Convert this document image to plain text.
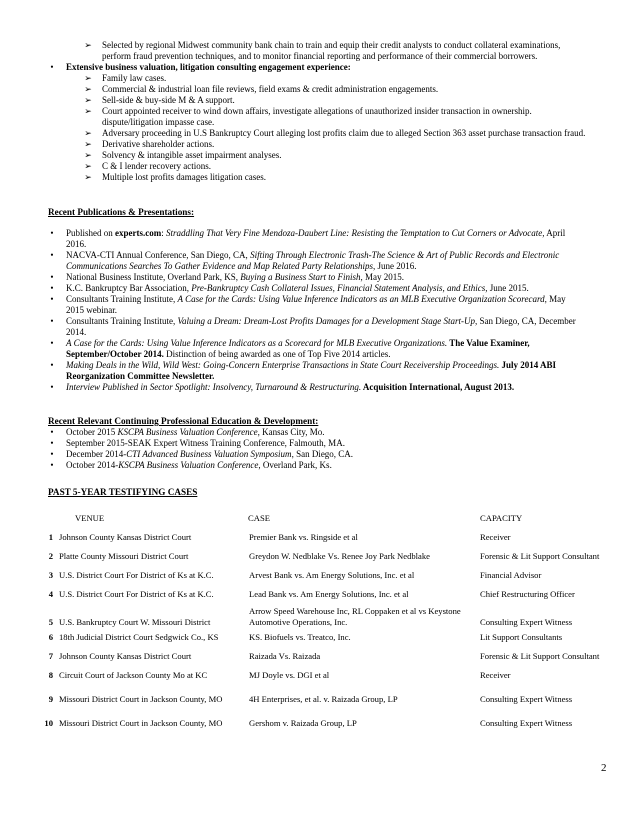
➢ Selected by regional Midwest community bank chain to train and equip their credit analysts to conduct collateral examinations,
perform fraud prevention techniques, and to monitor financial reporting and performance of their commercial borrowers.
• Extensive business valuation, litigation consulting engagement experience:
➢ Family law cases.
➢ Commercial & industrial loan file reviews, field exams & credit administration engagements.
➢ Sell-side & buy-side M & A support.
➢ Court appointed receiver to wind down affairs, investigate allegations of unauthorized insider transaction in ownership.
dispute/litigation impasse case.
➢ Adversary proceeding in U.S Bankruptcy Court alleging lost profits claim due to alleged Section 363 asset purchase transaction fraud.
➢ Derivative shareholder actions.
➢ Solvency & intangible asset impairment analyses.
➢ C & I lender recovery actions.
➢ Multiple lost profits damages litigation cases.
Recent Publications & Presentations:
• Published on experts.com: Straddling That Very Fine Mendoza-Daubert Line: Resisting the Temptation to Cut Corners or Advocate, April
2016.
• NACVA-CTI Annual Conference, San Diego, CA, Sifting Through Electronic Trash-The Science & Art of Public Records and Electronic
Communications Searches To Gather Evidence and Map Related Party Relationships, June 2016.
• National Business Institute, Overland Park, KS, Buying a Business Start to Finish, May 2015.
• K.C. Bankruptcy Bar Association, Pre-Bankruptcy Cash Collateral Issues, Financial Statement Analysis, and Ethics, June 2015.
• Consultants Training Institute, A Case for the Cards: Using Value Inference Indicators as an MLB Executive Organization Scorecard, May
2015 webinar.
• Consultants Training Institute, Valuing a Dream: Dream-Lost Profits Damages for a Development Stage Start-Up, San Diego, CA, December
2014.
• A Case for the Cards: Using Value Inference Indicators as a Scorecard for MLB Executive Organizations. The Value Examiner,
September/October 2014. Distinction of being awarded as one of Top Five 2014 articles.
• Making Deals in the Wild, Wild West: Going-Concern Enterprise Transactions in State Court Receivership Proceedings. July 2014 ABI
Reorganization Committee Newsletter.
• Interview Published in Sector Spotlight: Insolvency, Turnaround & Restructuring. Acquisition International, August 2013.
Recent Relevant Continuing Professional Education & Development:
• October 2015 KSCPA Business Valuation Conference, Kansas City, Mo.
• September 2015-SEAK Expert Witness Training Conference, Falmouth, MA.
• December 2014-CTI Advanced Business Valuation Symposium, San Diego, CA.
• October 2014-KSCPA Business Valuation Conference, Overland Park, Ks.
PAST 5-YEAR TESTIFYING CASES
	VENUE	CASE	CAPACITY
1	Johnson County Kansas District Court	Premier Bank vs. Ringside et al	Receiver
2	Platte County Missouri District Court	Greydon W. Nedblake Vs. Renee Joy Park Nedblake	Forensic & Lit Support Consultant
3	U.S. District Court For District of Ks at K.C.	Arvest Bank vs. Am Energy Solutions, Inc. et al	Financial Advisor
4	U.S. District Court For District of Ks at K.C.	Lead Bank vs. Am Energy Solutions, Inc. et al	Chief Restructuring Officer
5	U.S. Bankruptcy Court W. Missouri District	Arrow Speed Warehouse Inc, RL Coppaken et al vs Keystone Automotive Operations, Inc.	Consulting Expert Witness
6	18th Judicial District Court Sedgwick Co., KS	KS. Biofuels vs. Treatco, Inc.	Lit Support Consultants
7	Johnson County Kansas District Court	Raizada Vs. Raizada	Forensic & Lit Support Consultant
8	Circuit Court of Jackson County Mo at KC	MJ Doyle vs. DGI et al	Receiver
9	Missouri District Court in Jackson County, MO	4H Enterprises, et al. v. Raizada Group, LP	Consulting Expert Witness
10	Missouri District Court in Jackson County, MO	Gershom v. Raizada Group, LP	Consulting Expert Witness
2
